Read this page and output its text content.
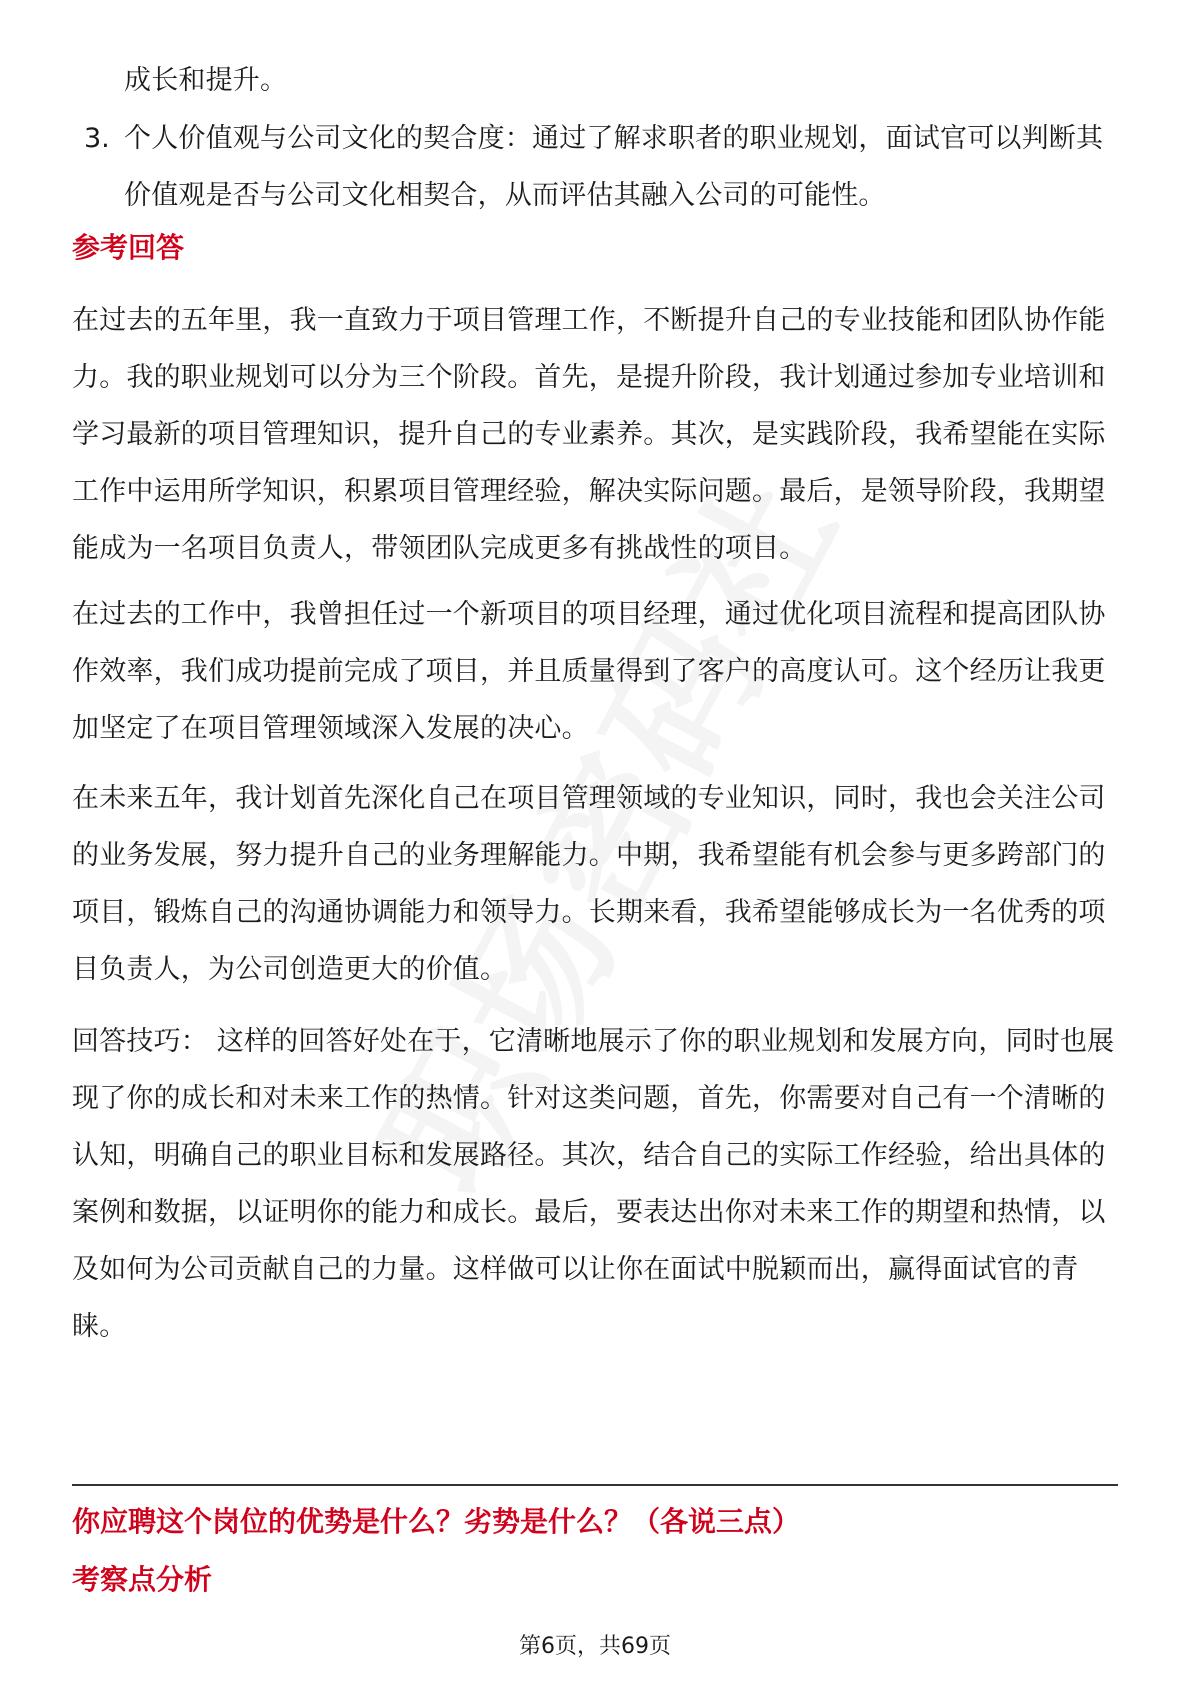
成长和提升。

3. 个人价值观与公司文化的契合度：通过了解求职者的职业规划，面试官可以判断其价值观是否与公司文化相契合，从而评估其融入公司的可能性。

参考回答

在过去的五年里，我一直致力于项目管理工作，不断提升自己的专业技能和团队协作能力。我的职业规划可以分为三个阶段。首先，是提升阶段，我计划通过参加专业培训和学习最新的项目管理知识，提升自己的专业素养。其次，是实践阶段，我希望能在实际工作中运用所学知识，积累项目管理经验，解决实际问题。最后，是领导阶段，我期望能成为一名项目负责人，带领团队完成更多有挑战性的项目。

在过去的工作中，我曾担任过一个新项目的项目经理，通过优化项目流程和提高团队协作效率，我们成功提前完成了项目，并且质量得到了客户的高度认可。这个经历让我更加坚定了在项目管理领域深入发展的决心。

在未来五年，我计划首先深化自己在项目管理领域的专业知识，同时，我也会关注公司的业务发展，努力提升自己的业务理解能力。中期，我希望能有机会参与更多跨部门的项目，锻炼自己的沟通协调能力和领导力。长期来看，我希望能够成长为一名优秀的项目负责人，为公司创造更大的价值。

回答技巧： 这样的回答好处在于，它清晰地展示了你的职业规划和发展方向，同时也展现了你的成长和对未来工作的热情。针对这类问题，首先，你需要对自己有一个清晰的认知，明确自己的职业目标和发展路径。其次，结合自己的实际工作经验，给出具体的案例和数据，以证明你的能力和成长。最后，要表达出你对未来工作的期望和热情，以及如何为公司贡献自己的力量。这样做可以让你在面试中脱颖而出，赢得面试官的青睐。

你应聘这个岗位的优势是什么？劣势是什么？（各说三点）

考察点分析

第6页，共69页
